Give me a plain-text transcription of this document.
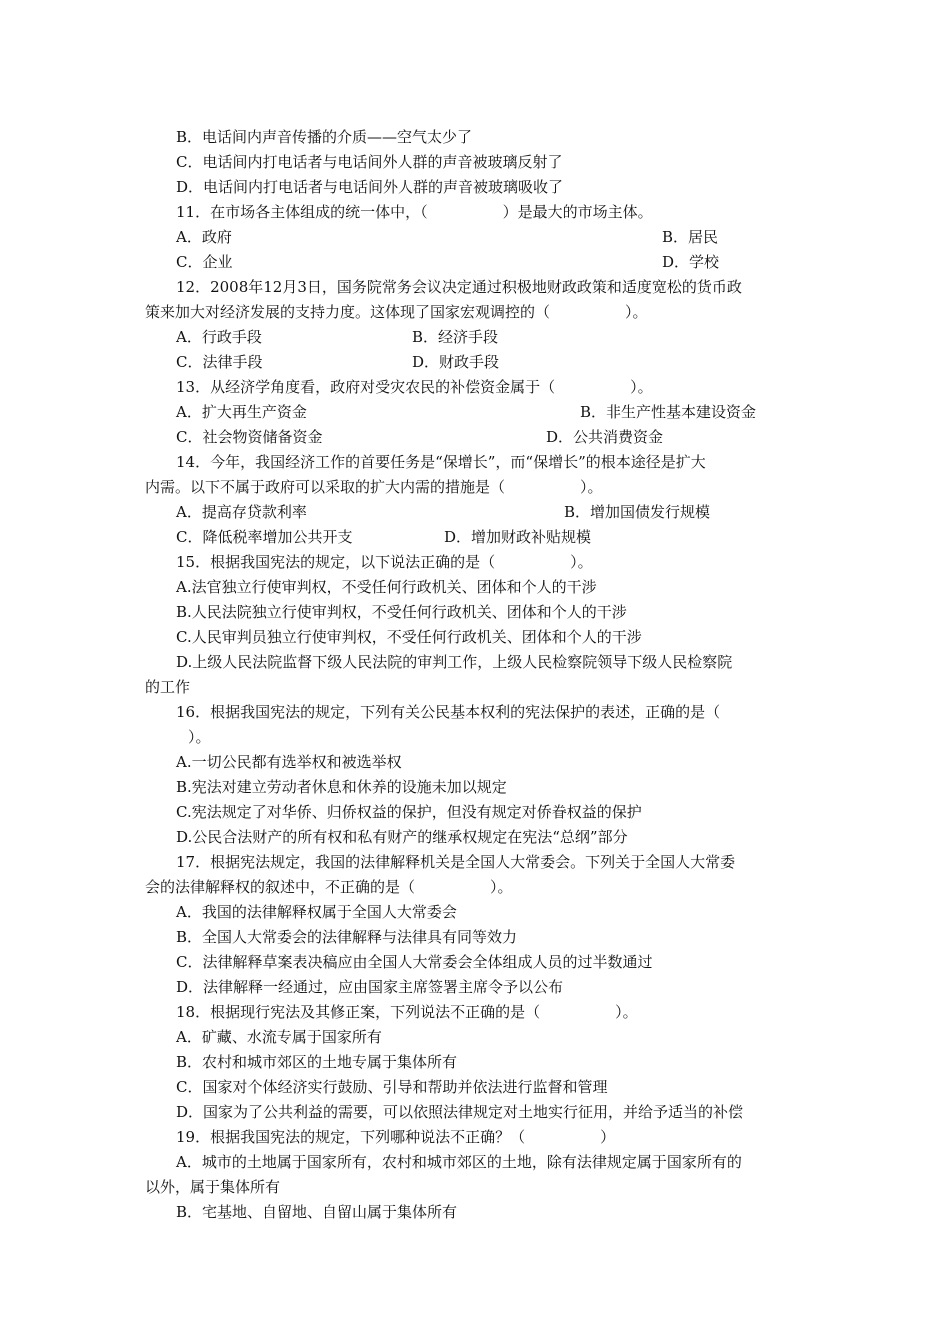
B．电话间内声音传播的介质——空气太少了
C．电话间内打电话者与电话间外人群的声音被玻璃反射了
D．电话间内打电话者与电话间外人群的声音被玻璃吸收了
11．在市场各主体组成的统一体中，（　　　　　）是最大的市场主体。
A．政府	B．居民
C．企业	D．学校
12．2008年12月3日，国务院常务会议决定通过积极地财政政策和适度宽松的货币政
策来加大对经济发展的支持力度。这体现了国家宏观调控的（　　　　　）。
A．行政手段	B．经济手段
C．法律手段	D．财政手段
13．从经济学角度看，政府对受灾农民的补偿资金属于（　　　　　）。
A．扩大再生产资金	B．非生产性基本建设资金
C．社会物资储备资金	D．公共消费资金
14．今年，我国经济工作的首要任务是“保增长”，而“保增长”的根本途径是扩大
内需。以下不属于政府可以采取的扩大内需的措施是（　　　　　）。
A．提高存贷款利率	B．增加国债发行规模
C．降低税率增加公共开支	D．增加财政补贴规模
15．根据我国宪法的规定，以下说法正确的是（　　　　　）。
A.法官独立行使审判权，不受任何行政机关、团体和个人的干涉
B.人民法院独立行使审判权，不受任何行政机关、团体和个人的干涉
C.人民审判员独立行使审判权，不受任何行政机关、团体和个人的干涉
D.上级人民法院监督下级人民法院的审判工作，上级人民检察院领导下级人民检察院
的工作
16．根据我国宪法的规定，下列有关公民基本权利的宪法保护的表述，正确的是（
）。
A.一切公民都有选举权和被选举权
B.宪法对建立劳动者休息和休养的设施未加以规定
C.宪法规定了对华侨、归侨权益的保护，但没有规定对侨眷权益的保护
D.公民合法财产的所有权和私有财产的继承权规定在宪法“总纲”部分
17．根据宪法规定，我国的法律解释机关是全国人大常委会。下列关于全国人大常委
会的法律解释权的叙述中，不正确的是（　　　　　）。
A．我国的法律解释权属于全国人大常委会
B．全国人大常委会的法律解释与法律具有同等效力
C．法律解释草案表决稿应由全国人大常委会全体组成人员的过半数通过
D．法律解释一经通过，应由国家主席签署主席令予以公布
18．根据现行宪法及其修正案，下列说法不正确的是（　　　　　）。
A．矿藏、水流专属于国家所有
B．农村和城市郊区的土地专属于集体所有
C．国家对个体经济实行鼓励、引导和帮助并依法进行监督和管理
D．国家为了公共利益的需要，可以依照法律规定对土地实行征用，并给予适当的补偿
19．根据我国宪法的规定，下列哪种说法不正确？（　　　　　）
A．城市的土地属于国家所有，农村和城市郊区的土地，除有法律规定属于国家所有的
以外，属于集体所有
B．宅基地、自留地、自留山属于集体所有
